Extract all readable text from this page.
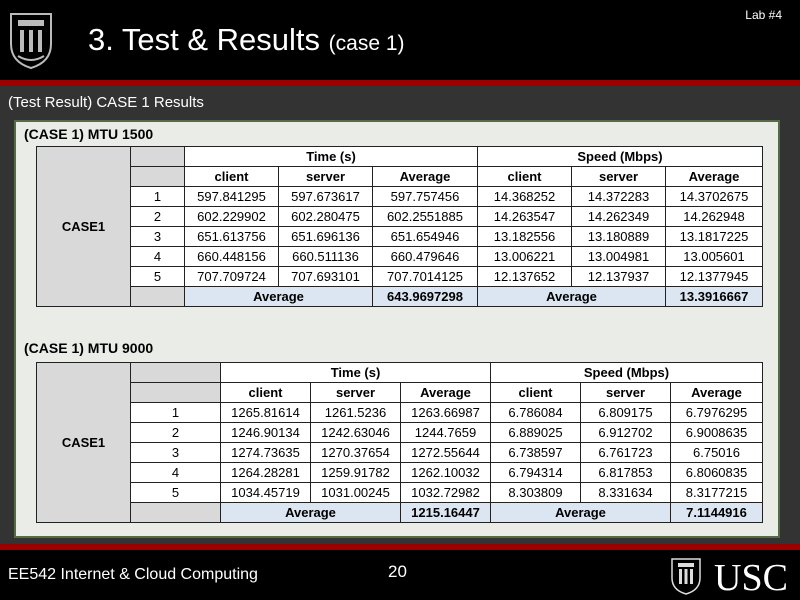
3. Test & Results (case 1)
Lab #4
(Test Result) CASE 1 Results
(CASE 1) MTU 1500
CASE1		Time (s)			Speed (Mbps)		
		client	server	Average	client	server	Average
	1	597.841295	597.673617	597.757456	14.368252	14.372283	14.3702675
	2	602.229902	602.280475	602.2551885	14.263547	14.262349	14.262948
	3	651.613756	651.696136	651.654946	13.182556	13.180889	13.1817225
	4	660.448156	660.511136	660.479646	13.006221	13.004981	13.005601
	5	707.709724	707.693101	707.7014125	12.137652	12.137937	12.1377945
		Average		643.9697298	Average		13.3916667
(CASE 1) MTU 9000
CASE1		Time (s)			Speed (Mbps)		
		client	server	Average	client	server	Average
	1	1265.81614	1261.5236	1263.66987	6.786084	6.809175	6.7976295
	2	1246.90134	1242.63046	1244.7659	6.889025	6.912702	6.9008635
	3	1274.73635	1270.37654	1272.55644	6.738597	6.761723	6.75016
	4	1264.28281	1259.91782	1262.10032	6.794314	6.817853	6.8060835
	5	1034.45719	1031.00245	1032.72982	8.303809	8.331634	8.3177215
		Average		1215.16447	Average		7.1144916
EE542 Internet & Cloud Computing	20	USC
